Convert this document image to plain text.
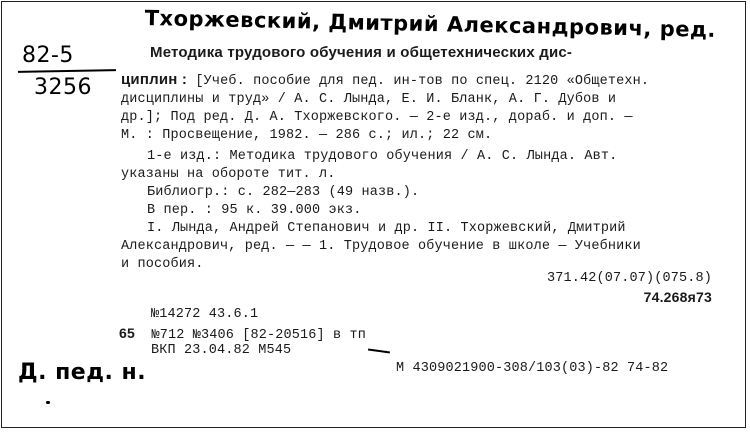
Тхоржевский, Дмитрий Александрович, ред.
82-5
3256
Методика трудового обучения и общетехнических дис-
циплин : [Учеб. пособие для пед. ин-тов по спец. 2120 «Общетехн.
дисциплины и труд» / А. С. Лында, Е. И. Бланк, А. Г. Дубов и
др.]; Под ред. Д. А. Тхоржевского. — 2-е изд., дораб. и доп. —
М. : Просвещение, 1982. — 286 с.; ил.; 22 см.
1-е изд.: Методика трудового обучения / А. С. Лында. Авт.
указаны на обороте тит. л.
Библиогр.: с. 282—283 (49 назв.).
В пер. : 95 к. 39.000 экз.
I. Лында, Андрей Степанович и др. II. Тхоржевский, Дмитрий
Александрович, ред. — — 1. Трудовое обучение в школе — Учебники
и пособия.
371.42(07.07)(075.8)
74.268я73
№14272 43.6.1
65 №712 №3406 [82-20516] в тп
ВКП 23.04.82 М545
М 4309021900-308/103(03)-82 74-82
Д. пед. н.
